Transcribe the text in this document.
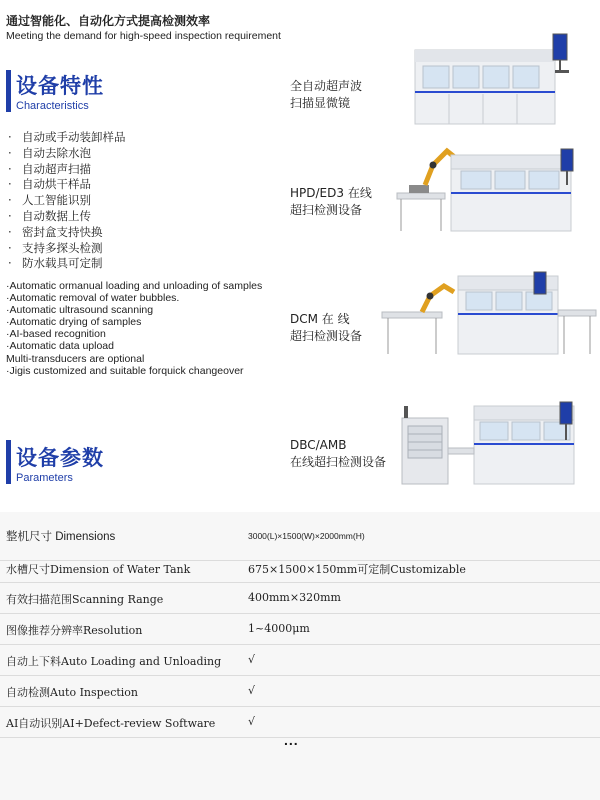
通过智能化、自动化方式提高检测效率
Meeting the demand for high-speed inspection requirement
设备特性
Characteristics
· 自动或手动装卸样品
· 自动去除水泡
· 自动超声扫描
· 自动烘干样品
· 人工智能识别
· 自动数据上传
· 密封盒支持快换
· 支持多探头检测
· 防水载具可定制
·Automatic ormanual loading and unloading of samples
·Automatic removal of water bubbles.
·Automatic ultrasound scanning
·Automatic drying of samples
·AI-based recognition
·Automatic data upload
Multi-transducers are optional
·Jigis customized and suitable forquick changeover
全自动超声波
扫描显微镜
HPD/ED3 在线
超扫检测设备
DCM 在 线
超扫检测设备
DBC/AMB
在线超扫检测设备
设备参数
Parameters
整机尺寸 Dimensions	3000(L)×1500(W)×2000mm(H)
水槽尺寸Dimension of Water Tank	675×1500×150mm可定制Customizable
有效扫描范围Scanning Range	400mm×320mm
图像推荐分辨率Resolution	1~4000μm
自动上下料Auto Loading and Unloading √
自动检测Auto Inspection	√
AI自动识别AI+Defect-review Software	√
...
